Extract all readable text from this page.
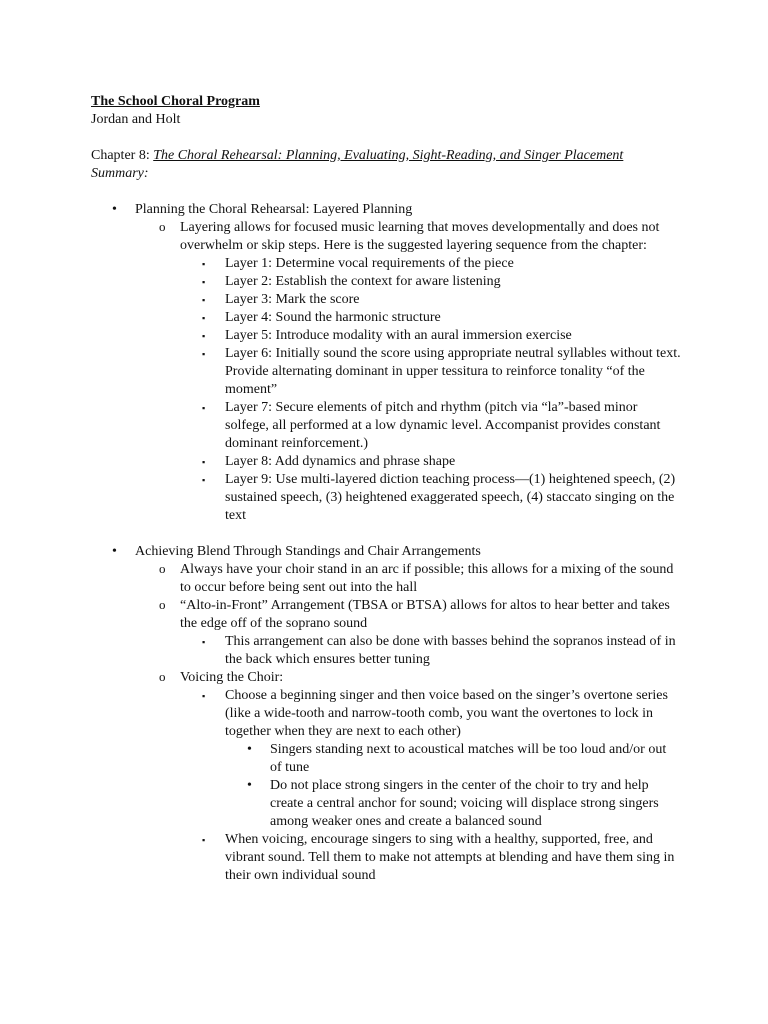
The School Choral Program
Jordan and Holt
Chapter 8: The Choral Rehearsal: Planning, Evaluating, Sight-Reading, and Singer Placement
Summary:
• Planning the Choral Rehearsal: Layered Planning
o Layering allows for focused music learning that moves developmentally and does not overwhelm or skip steps. Here is the suggested layering sequence from the chapter:
▪ Layer 1: Determine vocal requirements of the piece
▪ Layer 2: Establish the context for aware listening
▪ Layer 3: Mark the score
▪ Layer 4: Sound the harmonic structure
▪ Layer 5: Introduce modality with an aural immersion exercise
▪ Layer 6: Initially sound the score using appropriate neutral syllables without text. Provide alternating dominant in upper tessitura to reinforce tonality “of the moment”
▪ Layer 7: Secure elements of pitch and rhythm (pitch via “la”-based minor solfege, all performed at a low dynamic level. Accompanist provides constant dominant reinforcement.)
▪ Layer 8: Add dynamics and phrase shape
▪ Layer 9: Use multi-layered diction teaching process—(1) heightened speech, (2) sustained speech, (3) heightened exaggerated speech, (4) staccato singing on the text
• Achieving Blend Through Standings and Chair Arrangements
o Always have your choir stand in an arc if possible; this allows for a mixing of the sound to occur before being sent out into the hall
o “Alto-in-Front” Arrangement (TBSA or BTSA) allows for altos to hear better and takes the edge off of the soprano sound
▪ This arrangement can also be done with basses behind the sopranos instead of in the back which ensures better tuning
o Voicing the Choir:
▪ Choose a beginning singer and then voice based on the singer’s overtone series (like a wide-tooth and narrow-tooth comb, you want the overtones to lock in together when they are next to each other)
• Singers standing next to acoustical matches will be too loud and/or out of tune
• Do not place strong singers in the center of the choir to try and help create a central anchor for sound; voicing will displace strong singers among weaker ones and create a balanced sound
▪ When voicing, encourage singers to sing with a healthy, supported, free, and vibrant sound. Tell them to make not attempts at blending and have them sing in their own individual sound
